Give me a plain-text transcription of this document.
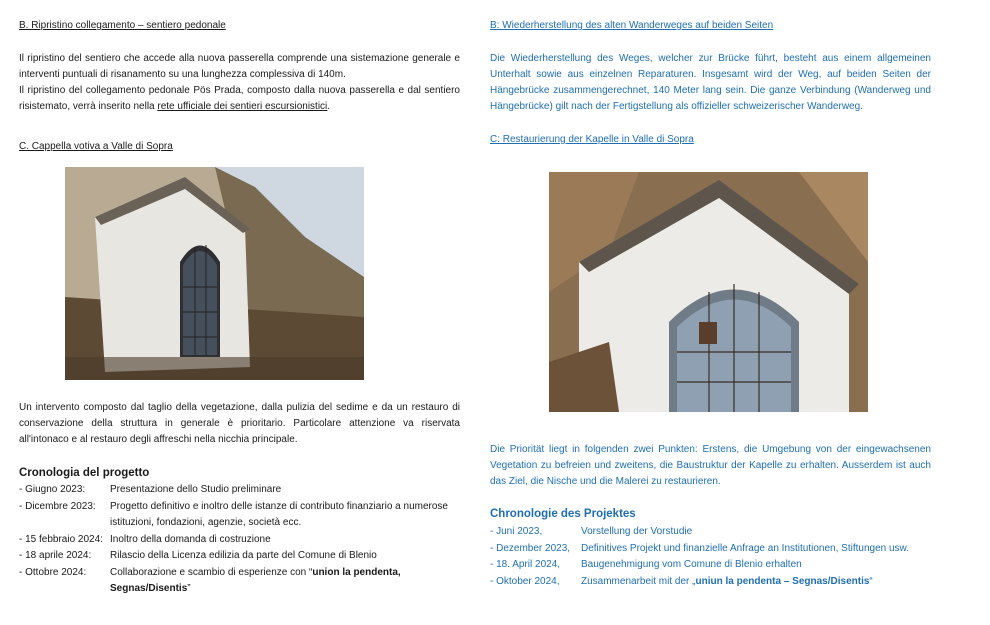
B. Ripristino collegamento – sentiero pedonale

Il ripristino del sentiero che accede alla nuova passerella comprende una sistemazione generale e interventi puntuali di risanamento su una lunghezza complessiva di 140m.

Il ripristino del collegamento pedonale Pös Prada, composto dalla nuova passerella e dal sentiero risistemato, verrà inserito nella rete ufficiale dei sentieri escursionistici.

C. Cappella votiva a Valle di Sopra

Un intervento composto dal taglio della vegetazione, dalla pulizia del sedime e da un restauro di conservazione della struttura in generale è prioritario. Particolare attenzione va riservata all'intonaco e al restauro degli affreschi nella nicchia principale.

Cronologia del progetto
- Giugno 2023:	Presentazione dello Studio preliminare
- Dicembre 2023:	Progetto definitivo e inoltro delle istanze di contributo finanziario a numerose istituzioni, fondazioni, agenzie, società ecc.
- 15 febbraio 2024: Inoltro della domanda di costruzione
- 18 aprile 2024:	Rilascio della Licenza edilizia da parte del Comune di Blenio
- Ottobre 2024:	Collaborazione e scambio di esperienze con “union la pendenta, Segnas/Disentis”
B: Wiederherstellung des alten Wanderweges auf beiden Seiten

Die Wiederherstellung des Weges, welcher zur Brücke führt, besteht aus einem allgemeinen Unterhalt sowie aus einzelnen Reparaturen. Insgesamt wird der Weg, auf beiden Seiten der Hängebrücke zusammengerechnet, 140 Meter lang sein. Die ganze Verbindung (Wanderweg und Hängebrücke) gilt nach der Fertigstellung als offizieller schweizerischer Wanderweg.

C: Restaurierung der Kapelle in Valle di Sopra

Die Priorität liegt in folgenden zwei Punkten: Erstens, die Umgebung von der eingewachsenen Vegetation zu befreien und zweitens, die Baustruktur der Kapelle zu erhalten. Ausserdem ist auch das Ziel, die Nische und die Malerei zu restaurieren.

Chronologie des Projektes
- Juni 2023,	Vorstellung der Vorstudie
- Dezember 2023,	Definitives Projekt und finanzielle Anfrage an Institutionen, Stiftungen usw.
- 18. April 2024,	Baugenehmigung vom Comune di Blenio erhalten
- Oktober 2024,	Zusammenarbeit mit der „uniun la pendenta – Segnas/Disentis“
